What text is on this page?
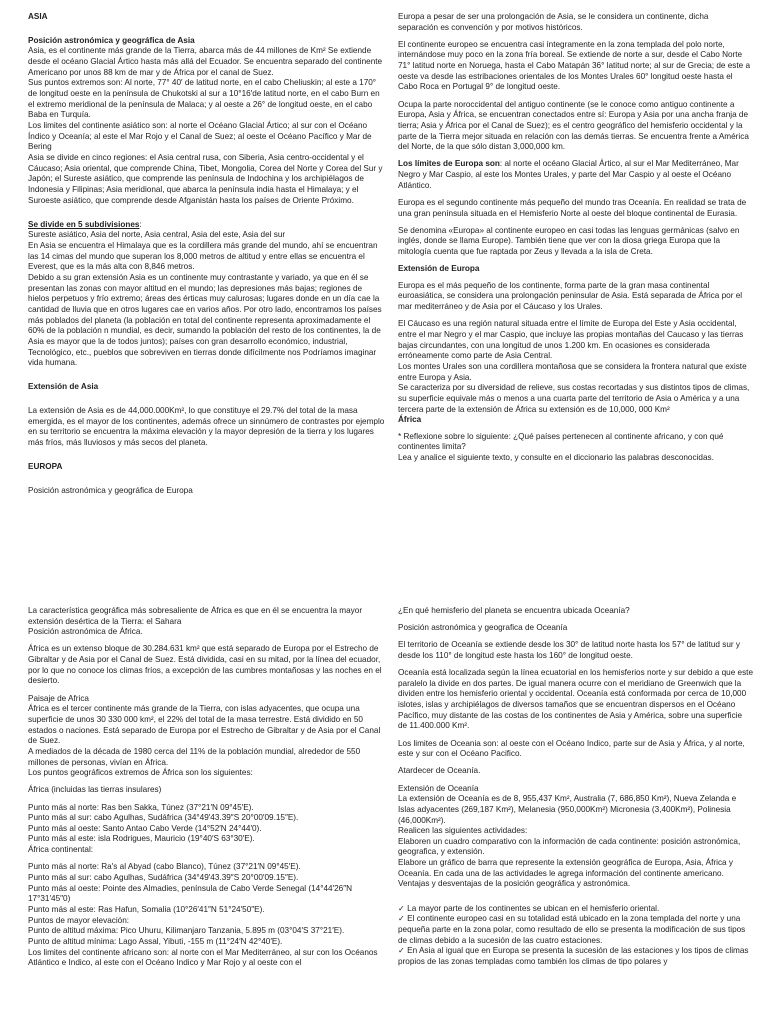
ASIA
Posición astronómica y geográfica de Asia

Asia, es el continente más grande de la Tierra, abarca más de 44 millones de Km² Se extiende desde el océano Glacial Ártico hasta más allá del Ecuador. Se encuentra separado del continente Americano por unos 88 km de mar y de África por el canal de Suez.

Sus puntos extremos son: Al norte, 77° 40′ de latitud norte, en el cabo Cheliuskin; al este a 170° de longitud oeste en la península de Chukotski al sur a 10°16′de latitud norte, en el cabo Burn en el extremo meridional de la península de Malaca; y al oeste a 26° de longitud oeste, en el cabo Baba en Turquía.

Los limites del continente asiático son: al norte el Océano Glacial Ártico; al sur con el Océano Índico y Oceanía; al este el Mar Rojo y el Canal de Suez; al oeste el Océano Pacífico y Mar de Bering

Asia se divide en cinco regiones: el Asia central rusa, con Siberia, Asia centro-occidental y el Cáucaso; Asia oriental, que comprende China, Tibet, Mongolia, Corea del Norte y Corea del Sur y Japón; el Sureste asiático, que comprende las península de Indochina y los archipiélagos de Indonesia y Filipinas; Asia meridional, que abarca la península india hasta el Himalaya; y el Suroeste asiático, que comprende desde Afganistán hasta los países de Oriente Próximo.

Se divide en 5 subdivisiones:

Sureste asiático, Asia del norte, Asia central, Asia del este, Asia del sur

En Asia se encuentra el Himalaya que es la cordillera más grande del mundo, ahí se encuentran las 14 cimas del mundo que superan los 8,000 metros de altitud y entre ellas se encuentra el Everest, que es la más alta con 8,846 metros.

Debido a su gran extensión Asia es un continente muy contrastante y variado, ya que en él se presentan las zonas con mayor altitud en el mundo; las depresiones más bajas; regiones de hielos perpetuos y frío extremo; áreas des érticas muy calurosas; lugares donde en un día cae la cantidad de lluvia que en otros lugares cae en varios años. Por otro lado, encontramos los países más poblados del planeta (la población en total del continente representa aproximadamente el 60% de la población n mundial, es decir, sumando la población del resto de los continentes, la de Asia es mayor que la de todos juntos); países con gran desarrollo económico, industrial, Tecnológico, etc., pueblos que sobreviven en tierras donde difícilmente nos Podríamos imaginar vida humana.

Extensión de Asia

La extensión de Asia es de 44,000.000Km², lo que constituye el 29.7% del total de la masa emergida, es el mayor de los continentes, además ofrece un sinnúmero de contrastes por ejemplo en su territorio se encuentra la máxima elevación y la mayor depresión de la tierra y los lugares más fríos, más lluviosos y más secos del planeta.

EUROPA

Posición astronómica y geográfica de Europa

Europa a pesar de ser una prolongación de Asia, se le considera un continente, dicha separación es convención y por motivos históricos.

El continente europeo se encuentra casi íntegramente en la zona templada del polo norte, internándose muy poco en la zona fría boreal. Se extiende de norte a sur, desde el Cabo Norte 71° latitud norte en Noruega, hasta el Cabo Matapán 36° latitud norte; al sur de Grecia; de este a oeste va desde las estribaciones orientales de los Montes Urales 60° longitud oeste hasta el Cabo Roca en Portugal 9° de longitud oeste.

Ocupa la parte noroccidental del antiguo continente (se le conoce como antiguo continente a Europa, Asia y África, se encuentran conectados entre sí: Europa y Asia por una ancha franja de tierra; Asia y África por el Canal de Suez); es el centro geográfico del hemisferio occidental y la parte de la Tierra mejor situada en relación con las demás tierras. Se encuentra frente a América del Norte, de la que sólo distan 3,000,000 km.

Los límites de Europa son: al norte el océano Glacial Ártico, al sur el Mar Mediterráneo, Mar Negro y Mar Caspio, al este los Montes Urales, y parte del Mar Caspio y al oeste el Océano Atlántico.

Europa es el segundo continente más pequeño del mundo tras Oceanía. En realidad se trata de una gran península situada en el Hemisferio Norte al oeste del bloque continental de Eurasia.

Se denomina «Europa» al continente europeo en casi todas las lenguas germánicas (salvo en inglés, donde se llama Europe). También tiene que ver con la diosa griega Europa que la mitología cuenta que fue raptada por Zeus y llevada a la isla de Creta.

Extensión de Europa

Europa es el más pequeño de los continente, forma parte de la gran masa continental euroasiática, se considera una prolongación peninsular de Asia. Está separada de África por el mar mediterráneo y de Asia por el Cáucaso y los Urales.

El Cáucaso es una región natural situada entre el límite de Europa del Este y Asia occidental, entre el mar Negro y el mar Caspio, que incluye las propias montañas del Caucaso y las tierras bajas circundantes, con una longitud de unos 1.200 km. En ocasiones es considerada erróneamente como parte de Asia Central.

Los montes Urales son una cordillera montañosa que se considera la frontera natural que existe entre Europa y Asia.

Se caracteriza por su diversidad de relieve, sus costas recortadas y sus distintos tipos de climas, su superficie equivale más o menos a una cuarta parte del territorio de Asia o América y a una tercera parte de la extensión de África su extensión es de 10,000, 000 Km²

África

* Reflexione sobre lo siguiente: ¿Qué países pertenecen al continente africano, y con qué continentes limita?

Lea y analice el siguiente texto, y consulte en el diccionario las palabras desconocidas.

La característica geográfica más sobresaliente de África es que en él se encuentra la mayor extensión desértica de la Tierra: el Sahara

Posición astronómica de África.

África es un extenso bloque de 30.284.631 km² que está separado de Europa por el Estrecho de Gibraltar y de Asia por el Canal de Suez. Está dividida, casi en su mitad, por la línea del ecuador, por lo que no conoce los climas fríos, a excepción de las cumbres montañosas y las noches en el desierto.

Paisaje de Africa

África es el tercer continente más grande de la Tierra, con islas adyacentes, que ocupa una superficie de unos 30 330 000 km², el 22% del total de la masa terrestre. Está dividido en 50 estados o naciones. Está separado de Europa por el Estrecho de Gibraltar y de Asia por el Canal de Suez.

A mediados de la década de 1980 cerca del 11% de la población mundial, alrededor de 550 millones de personas, vivían en África.

Los puntos geográficos extremos de África son los siguientes:

África (incluidas las tierras insulares)

Punto más al norte: Ras ben Sakka, Túnez (37°21′N 09°45′E).

Punto más al sur: cabo Agulhas, Sudáfrica (34°49′43.39″S 20°00′09.15″E).

Punto más al oeste: Santo Antao Cabo Verde (14°52′N 24°44′0).

Punto más al este: isla Rodrigues, Mauricio (19°40′S 63°30′E).

África continental:

Punto más al norte: Ra's al Abyad (cabo Blanco), Túnez (37°21′N 09°45′E).

Punto más al sur: cabo Agulhas, Sudáfrica (34°49′43.39″S 20°00′09.15″E).

Punto más al oeste: Pointe des Almadies, península de Cabo Verde Senegal (14°44′26″N 17°31′45″0)

Punto más al este: Ras Hafun, Somalia (10°26′41″N 51°24′50″E).

Puntos de mayor elevación:

Punto de altitud máxima: Pico Uhuru, Kilimanjaro Tanzania, 5.895 m (03°04′S 37°21′E).

Punto de altitud mínima: Lago Assal, Yibuti, -155 m (11°24′N 42°40′E).

Los limites del continente africano son: al norte con el Mar Mediterráneo, al sur con los Océanos Atlántico e Indico, al este con el Océano Indico y Mar Rojo y al oeste con el

¿En qué hemisferio del planeta se encuentra ubicada Oceanía?

Posición astronómica y geografica de Oceanía

El territorio de Oceanía se extiende desde los 30° de latitud norte hasta los 57° de latitud sur y desde los 110° de longitud este hasta los 160° de longitud oeste.

Oceanía está localizada según la línea ecuatorial en los hemisferios norte y sur debido a que este paralelo la divide en dos partes. De igual manera ocurre con el meridiano de Greenwich que la dividen entre los hemisferio oriental y occidental. Oceanía está conformada por cerca de 10,000 islotes, islas y archipiélagos de diversos tamaños que se encuentran dispersos en el Océano Pacífico, muy distante de las costas de los continentes de Asia y América, sobre una superficie de 11.400.000 Km².

Los limites de Oceania son: al oeste con el Océano Indico, parte sur de Asia y África, y al norte, este y sur con el Océano Pacifico.

Atardecer de Oceanía.

Extensión de Oceanía

La extensión de Oceanía es de 8, 955,437 Km², Australia (7, 686,850 Km²), Nueva Zelanda e Islas adyacentes (269,187 Km²), Melanesia (950,000Km²) Micronesia (3,400Km²), Polinesia (46,000Km²).

Realicen las siguientes actividades:

Elaboren un cuadro comparativo con la información de cada continente: posición astronómica, geografica, y extensión.

Elabore un gráfico de barra que represente la extensión geográfica de Europa, Asia, África y Oceanía. En cada una de las actividades le agrega información del continente americano.

Ventajas y desventajas de la posición geográfica y astronómica.

✓ La mayor parte de los continentes se ubican en el hemisferio oriental.

✓ El continente europeo casi en su totalidad está ubicado en la zona templada del norte y una pequeña parte en la zona polar, como resultado de ello se presenta la modificación de sus tipos de climas debido a la sucesión de las cuatro estaciones.

✓ En Asia al igual que en Europa se presenta la sucesión de las estaciones y los tipos de climas propios de las zonas templadas como también los climas de tipo polares y
